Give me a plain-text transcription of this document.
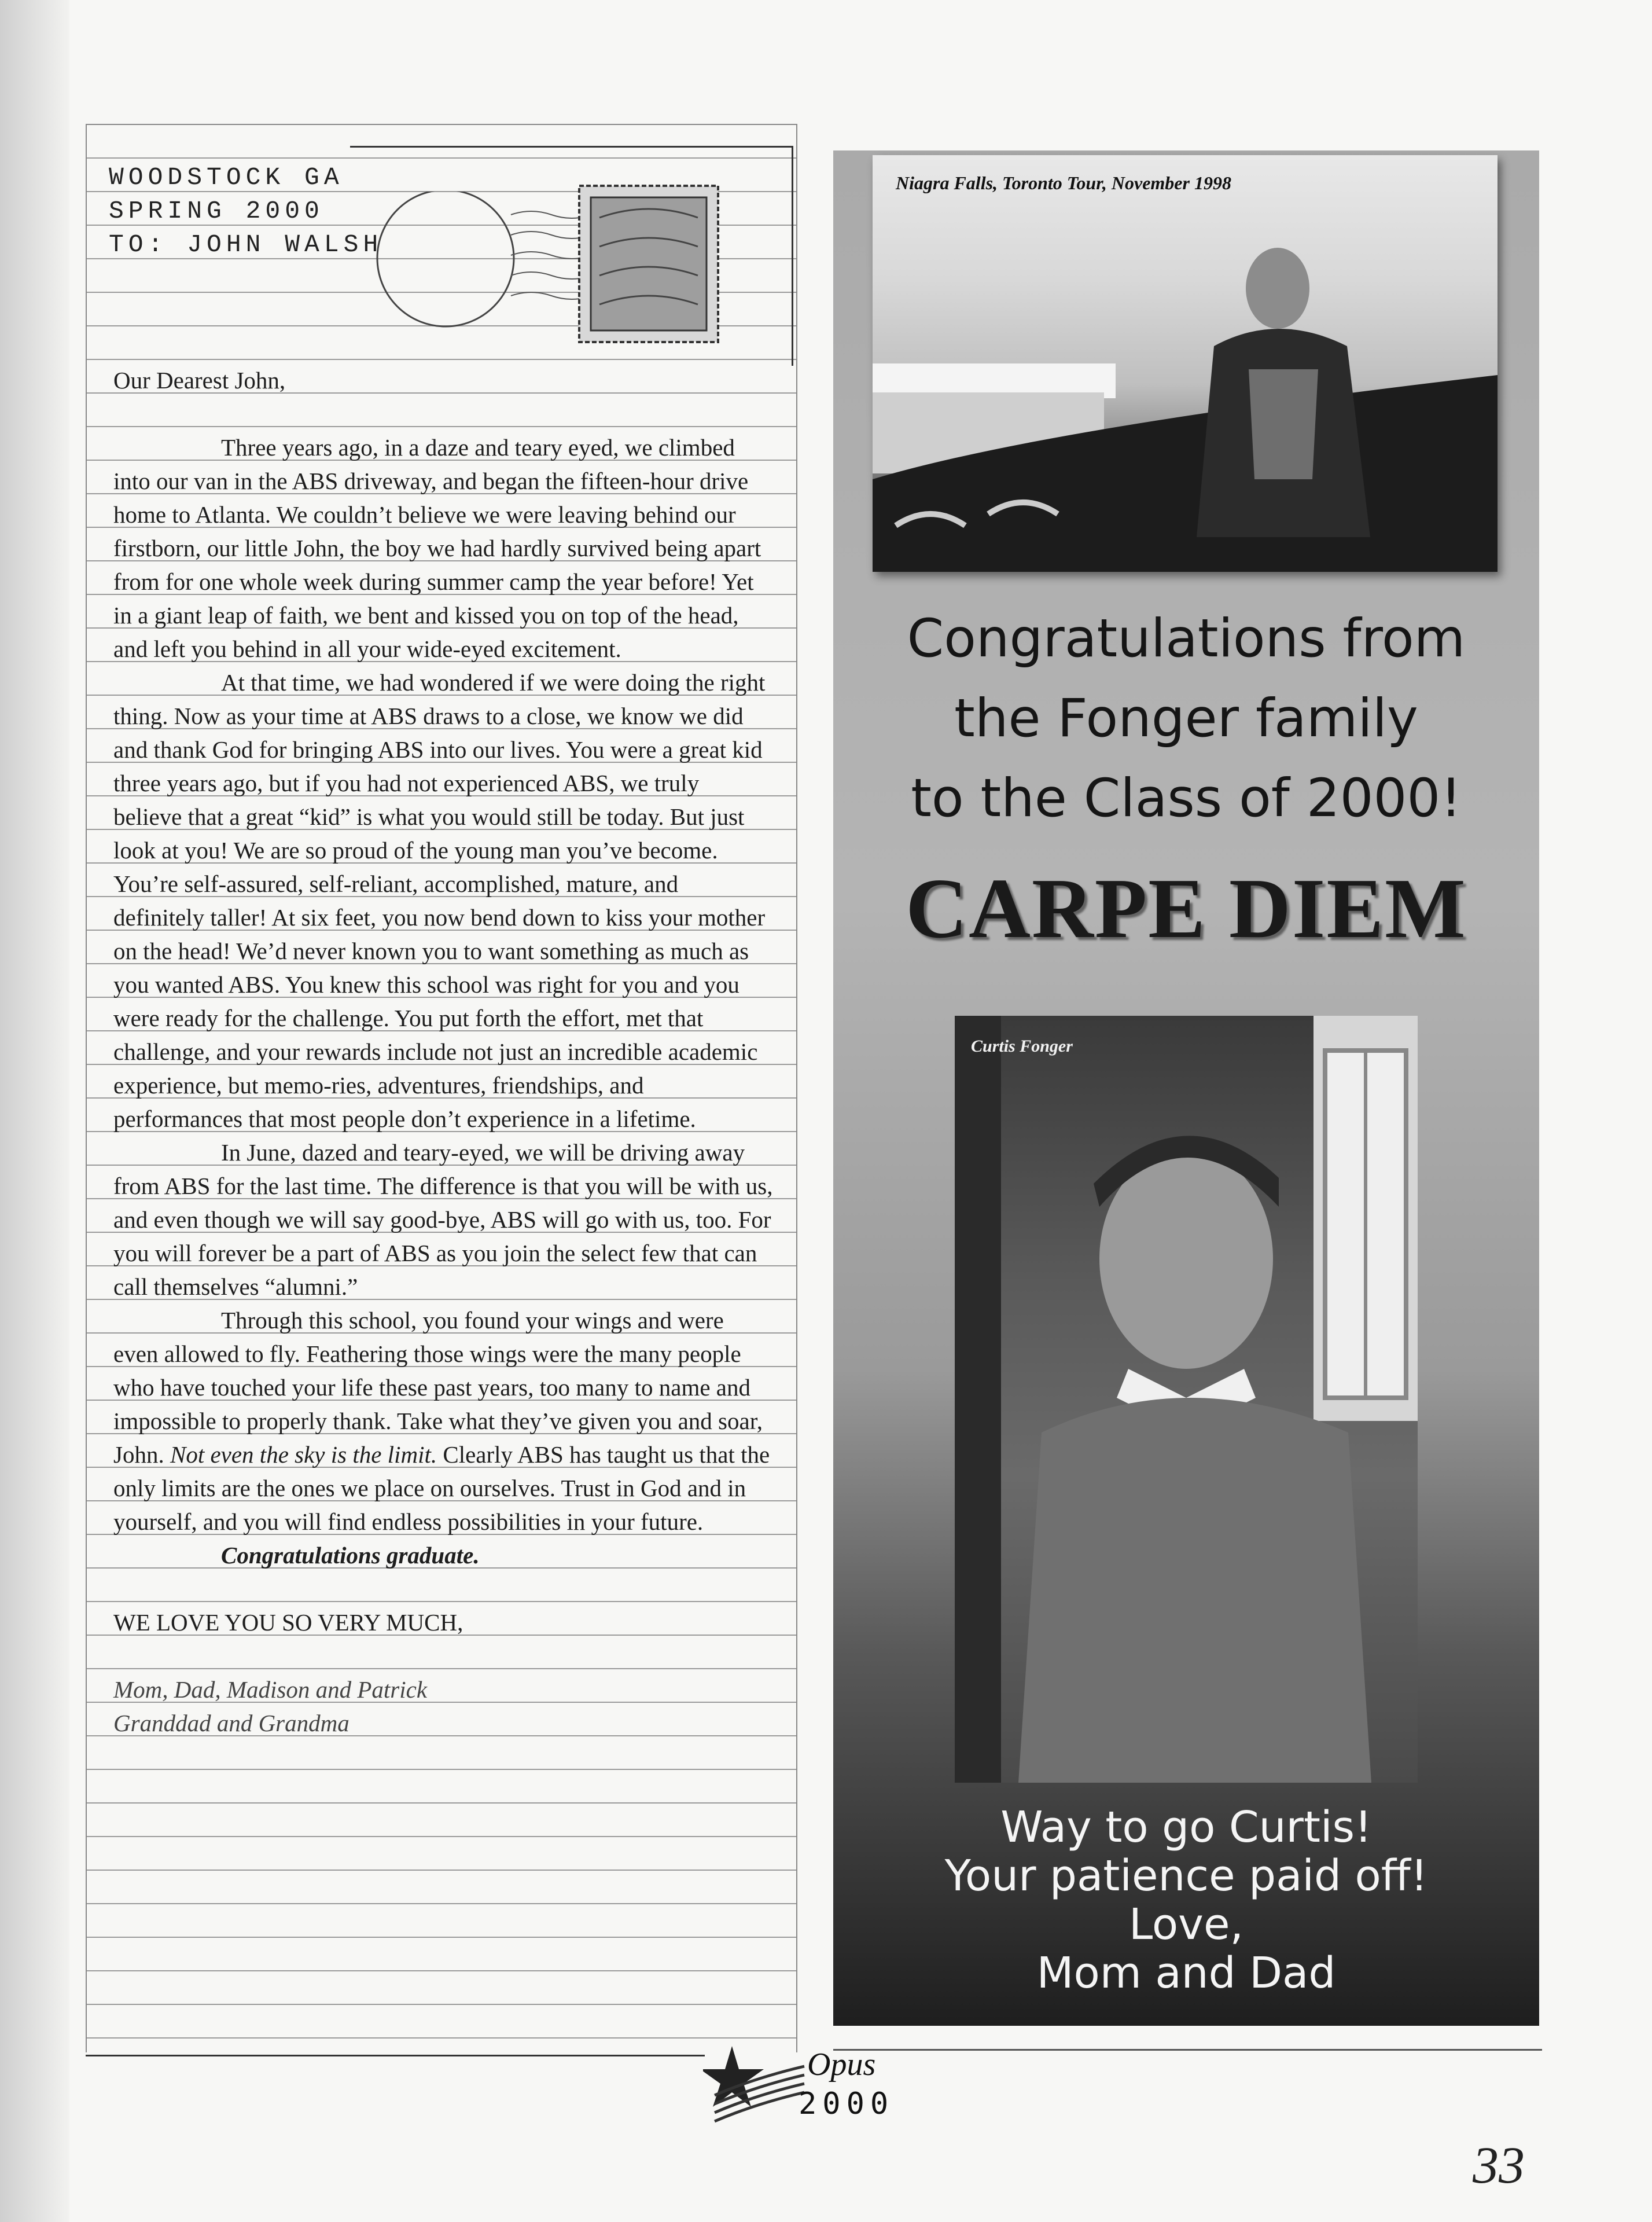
WOODSTOCK GA
SPRING 2000
TO: JOHN WALSH

Our Dearest John,

Three years ago, in a daze and teary eyed, we climbed into our van in the ABS driveway, and began the fifteen-hour drive home to Atlanta. We couldn’t believe we were leaving behind our firstborn, our little John, the boy we had hardly survived being apart from for one whole week during summer camp the year before! Yet in a giant leap of faith, we bent and kissed you on top of the head, and left you behind in all your wide-eyed excitement.

At that time, we had wondered if we were doing the right thing. Now as your time at ABS draws to a close, we know we did and thank God for bringing ABS into our lives. You were a great kid three years ago, but if you had not experienced ABS, we truly believe that a great “kid” is what you would still be today. But just look at you! We are so proud of the young man you’ve become. You’re self-assured, self-reliant, accomplished, mature, and definitely taller! At six feet, you now bend down to kiss your mother on the head! We’d never known you to want something as much as you wanted ABS. You knew this school was right for you and you were ready for the challenge. You put forth the effort, met that challenge, and your rewards include not just an incredible academic experience, but memo-ries, adventures, friendships, and performances that most people don’t experience in a lifetime.

In June, dazed and teary-eyed, we will be driving away from ABS for the last time. The difference is that you will be with us, and even though we will say good-bye, ABS will go with us, too. For you will forever be a part of ABS as you join the select few that can call themselves “alumni.”

Through this school, you found your wings and were even allowed to fly. Feathering those wings were the many people who have touched your life these past years, too many to name and impossible to properly thank. Take what they’ve given you and soar, John. Not even the sky is the limit. Clearly ABS has taught us that the only limits are the ones we place on ourselves. Trust in God and in yourself, and you will find endless possibilities in your future.

Congratulations graduate.

WE LOVE YOU SO VERY MUCH,

Mom, Dad, Madison and Patrick

Granddad and Grandma

Niagra Falls, Toronto Tour, November 1998
Congratulations from
the Fonger family
to the Class of 2000!
CARPE DIEM
Curtis Fonger
Way to go Curtis!
Your patience paid off!
Love,
Mom and Dad
Opus
2000
33
